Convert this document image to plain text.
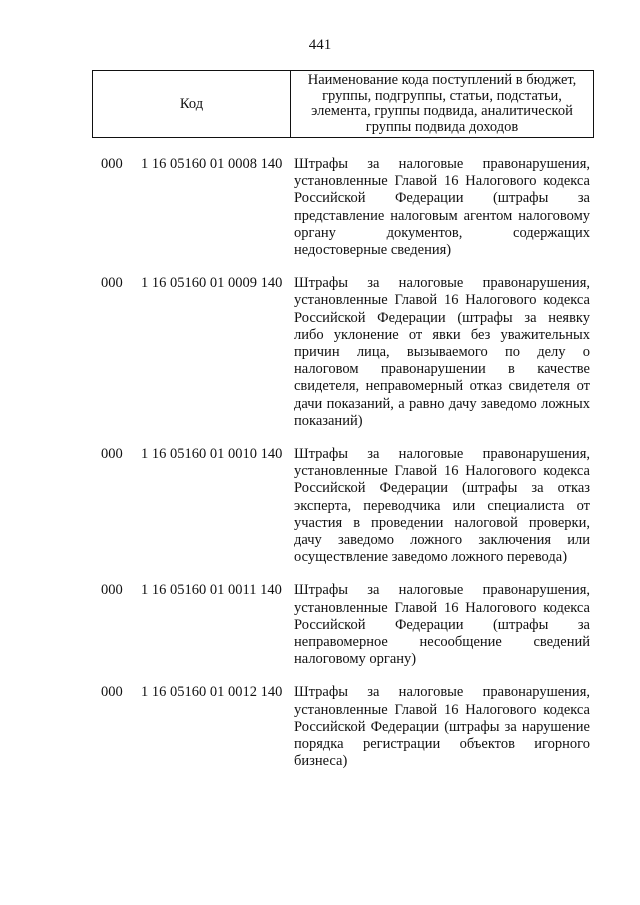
441
Код
Наименование кода поступлений в бюджет, группы, подгруппы, статьи, подстатьи, элемента, группы подвида, аналитической группы подвида доходов
000 1 16 05160 01 0008 140 Штрафы за налоговые правонарушения, установленные Главой 16 Налогового кодекса Российской Федерации (штрафы за представление налоговым агентом налоговому органу документов, содержащих недостоверные сведения)
000 1 16 05160 01 0009 140 Штрафы за налоговые правонарушения, установленные Главой 16 Налогового кодекса Российской Федерации (штрафы за неявку либо уклонение от явки без уважительных причин лица, вызываемого по делу о налоговом правонарушении в качестве свидетеля, неправомерный отказ свидетеля от дачи показаний, а равно дачу заведомо ложных показаний)
000 1 16 05160 01 0010 140 Штрафы за налоговые правонарушения, установленные Главой 16 Налогового кодекса Российской Федерации (штрафы за отказ эксперта, переводчика или специалиста от участия в проведении налоговой проверки, дачу заведомо ложного заключения или осуществление заведомо ложного перевода)
000 1 16 05160 01 0011 140 Штрафы за налоговые правонарушения, установленные Главой 16 Налогового кодекса Российской Федерации (штрафы за неправомерное несообщение сведений налоговому органу)
000 1 16 05160 01 0012 140 Штрафы за налоговые правонарушения, установленные Главой 16 Налогового кодекса Российской Федерации (штрафы за нарушение порядка регистрации объектов игорного бизнеса)
